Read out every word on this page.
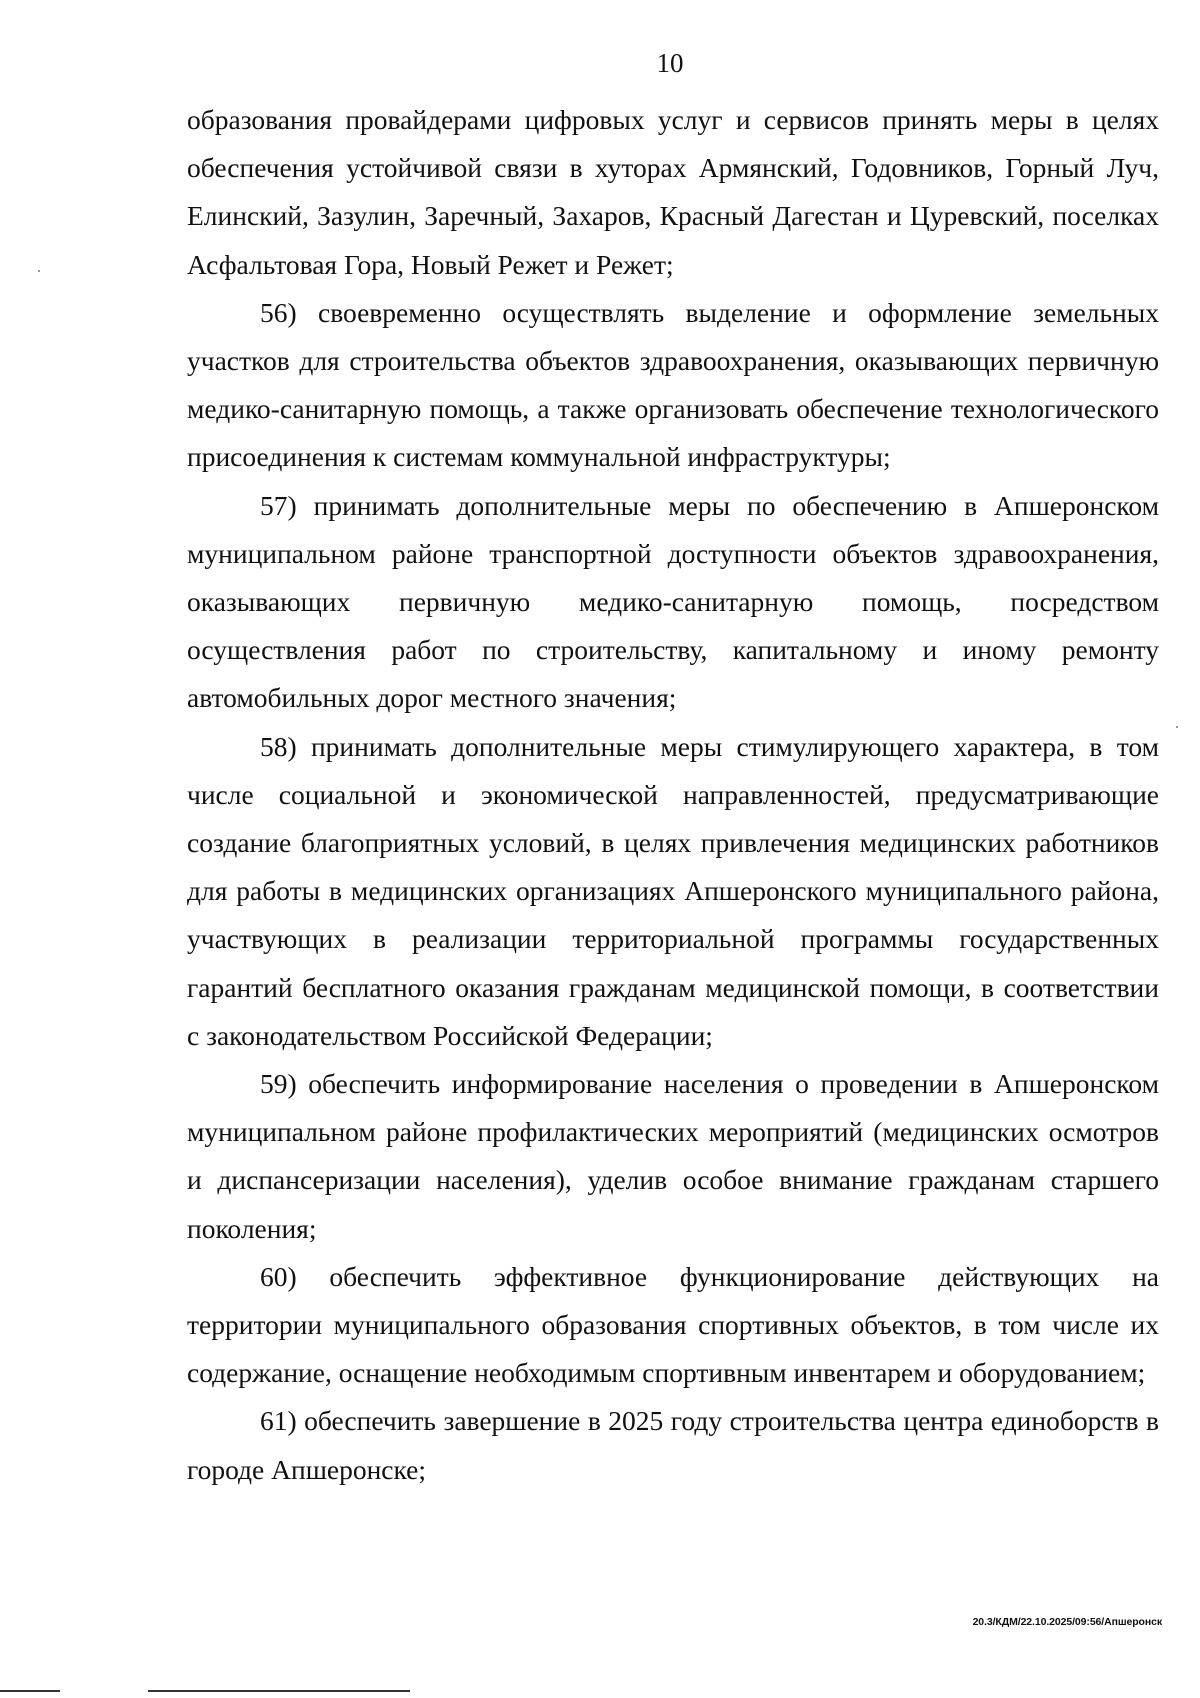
10

образования провайдерами цифровых услуг и сервисов принять меры в целях обеспечения устойчивой связи в хуторах Армянский, Годовников, Горный Луч, Елинский, Зазулин, Заречный, Захаров, Красный Дагестан и Цуревский, поселках Асфальтовая Гора, Новый Режет и Режет;

56) своевременно осуществлять выделение и оформление земельных участков для строительства объектов здравоохранения, оказывающих первичную медико-санитарную помощь, а также организовать обеспечение технологического присоединения к системам коммунальной инфраструктуры;

57) принимать дополнительные меры по обеспечению в Апшеронском муниципальном районе транспортной доступности объектов здравоохранения, оказывающих первичную медико-санитарную помощь, посредством осуществления работ по строительству, капитальному и иному ремонту автомобильных дорог местного значения;

58) принимать дополнительные меры стимулирующего характера, в том числе социальной и экономической направленностей, предусматривающие создание благоприятных условий, в целях привлечения медицинских работников для работы в медицинских организациях Апшеронского муниципального района, участвующих в реализации территориальной программы государственных гарантий бесплатного оказания гражданам медицинской помощи, в соответствии с законодательством Российской Федерации;

59) обеспечить информирование населения о проведении в Апшеронском муниципальном районе профилактических мероприятий (медицинских осмотров и диспансеризации населения), уделив особое внимание гражданам старшего поколения;

60) обеспечить эффективное функционирование действующих на территории муниципального образования спортивных объектов, в том числе их содержание, оснащение необходимым спортивным инвентарем и оборудованием;

61) обеспечить завершение в 2025 году строительства центра единоборств в городе Апшеронске;

20.3/КДМ/22.10.2025/09:56/Апшеронск
